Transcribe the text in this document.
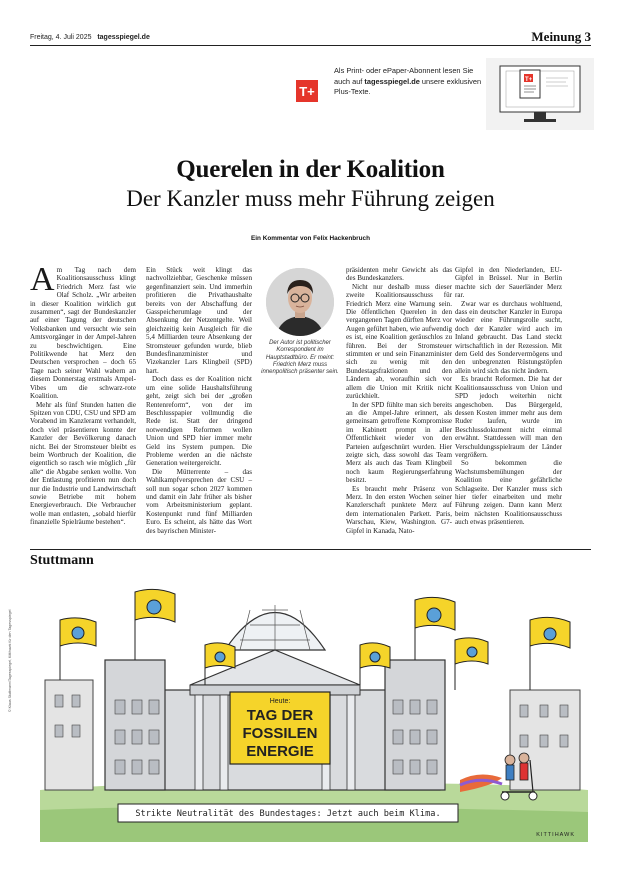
Freitag, 4. Juli 2025 tagesspiegel.de	Meinung 3
T+
Als Print- oder ePaper-Abonnent lesen Sie auch auf tagesspiegel.de unsere exklusiven Plus-Texte.
T+
Querelen in der Koalition
Der Kanzler muss mehr Führung zeigen
Ein Kommentar von Felix Hackenbruch

Am Tag nach dem Koalitionsausschuss klingt Friedrich Merz fast wie Olaf Scholz. „Wir arbeiten in dieser Koalition wirklich gut zusammen“, sagt der Bundeskanzler auf einer Tagung der deutschen Volksbanken und versucht wie sein Amtsvorgänger in der Ampel-Jahren zu beschwichtigen. Eine Politikwende hat Merz den Deutschen versprochen – doch 65 Tage nach seiner Wahl wabern an diesem Donnerstag erstmals Ampel-Vibes um die schwarz-rote Koalition.

Mehr als fünf Stunden hatten die Spitzen von CDU, CSU und SPD am Vorabend im Kanzleramt verhandelt, doch viel präsentieren konnte der Kanzler der Bevölkerung danach nicht. Bei der Stromsteuer bleibt es beim Wortbruch der Koalition, die eigentlich so rasch wie möglich „für alle“ die Abgabe senken wollte. Von der Entlastung profitieren nun doch nur die Industrie und Landwirtschaft sowie Betriebe mit hohem Energieverbrauch. Die Verbraucher wolle man entlasten, „sobald hierfür finanzielle Spielräume bestehen“.

Ein Stück weit klingt das nachvollziehbar, Geschenke müssen gegenfinanziert sein. Und immerhin profitieren die Privathaushalte bereits von der Abschaffung der Gasspeicherumlage und der Absenkung der Netzentgelte. Weil gleichzeitig kein Ausgleich für die 5,4 Milliarden teure Absenkung der Stromsteuer gefunden wurde, blieb Bundesfinanzminister und Vizekanzler Lars Klingbeil (SPD) hart.

Doch dass es der Koalition nicht um eine solide Haushaltsführung geht, zeigt sich bei der „großen Rentenreform“, von der im Beschlusspapier vollmundig die Rede ist. Statt der dringend notwendigen Reformen wollen Union und SPD hier immer mehr Geld ins System pumpen. Die Probleme werden an die nächste Generation weitergereicht.

Die Mütterrente – das Wahlkampfversprechen der CSU – soll nun sogar schon 2027 kommen und damit ein Jahr früher als bisher vom Arbeitsministerium geplant. Kostenpunkt rund fünf Milliarden Euro. Es scheint, als hätte das Wort des bayrischen Minister-

Der Autor ist politischer Korrespondent im Hauptstadtbüro. Er meint: Friedrich Merz muss innenpolitisch präsenter sein.

präsidenten mehr Gewicht als das des Bundeskanzlers.

Nicht nur deshalb muss dieser zweite Koalitionsausschuss für Friedrich Merz eine Warnung sein. Die öffentlichen Querelen in den vergangenen Tagen dürften Merz vor Augen geführt haben, wie aufwendig es ist, eine Koalition geräuschlos zu führen. Bei der Stromsteuer stimmten er und sein Finanzminister sich zu wenig mit den Bundestagsfraktionen und den Ländern ab, woraufhin sich vor allem die Union mit Kritik nicht zurückhielt.

In der SPD fühlte man sich bereits an die Ampel-Jahre erinnert, als gemeinsam getroffene Kompromisse im Kabinett prompt in aller Öffentlichkeit wieder von den Parteien aufgeschnürt wurden. Hier zeigte sich, dass sowohl das Team Merz als auch das Team Klingbeil noch kaum Regierungserfahrung besitzt.

Es braucht mehr Präsenz von Merz. In den ersten Wochen seiner Kanzlerschaft punktete Merz auf dem internationalen Parkett. Paris, Warschau, Kiew, Washington. G7-Gipfel in Kanada, Nato-

Gipfel in den Niederlanden, EU-Gipfel in Brüssel. Nur in Berlin machte sich der Sauerländer Merz rar.

Zwar war es durchaus wohltuend, dass ein deutscher Kanzler in Europa wieder eine Führungsrolle sucht, doch der Kanzler wird auch im Inland gebraucht. Das Land steckt wirtschaftlich in der Rezession. Mit dem Geld des Sondervermögens und den unbegrenzten Rüstungstöpfen allein wird sich das nicht ändern.

Es braucht Reformen. Die hat der Koalitionsausschuss von Union und SPD jedoch weiterhin nicht angeschoben. Das Bürgergeld, dessen Kosten immer mehr aus dem Ruder laufen, wurde im Beschlussdokument nicht einmal erwähnt. Stattdessen will man den Verschuldungsspielraum der Länder vergrößern.

So bekommen die Wachstumsbemühungen der Koalition eine gefährliche Schlagseite. Der Kanzler muss sich hier tiefer einarbeiten und mehr Führung zeigen. Dann kann Merz beim nächsten Koalitionsausschuss auch etwas präsentieren.

Stuttmann
Heute:
TAG DER
FOSSILEN
ENERGIE
Strikte Neutralität des Bundestages: Jetzt auch beim Klima.
KITTIHAWK
© Klaus Stuttmann/Tagesspiegel, Kittihawk für den Tagesspiegel
